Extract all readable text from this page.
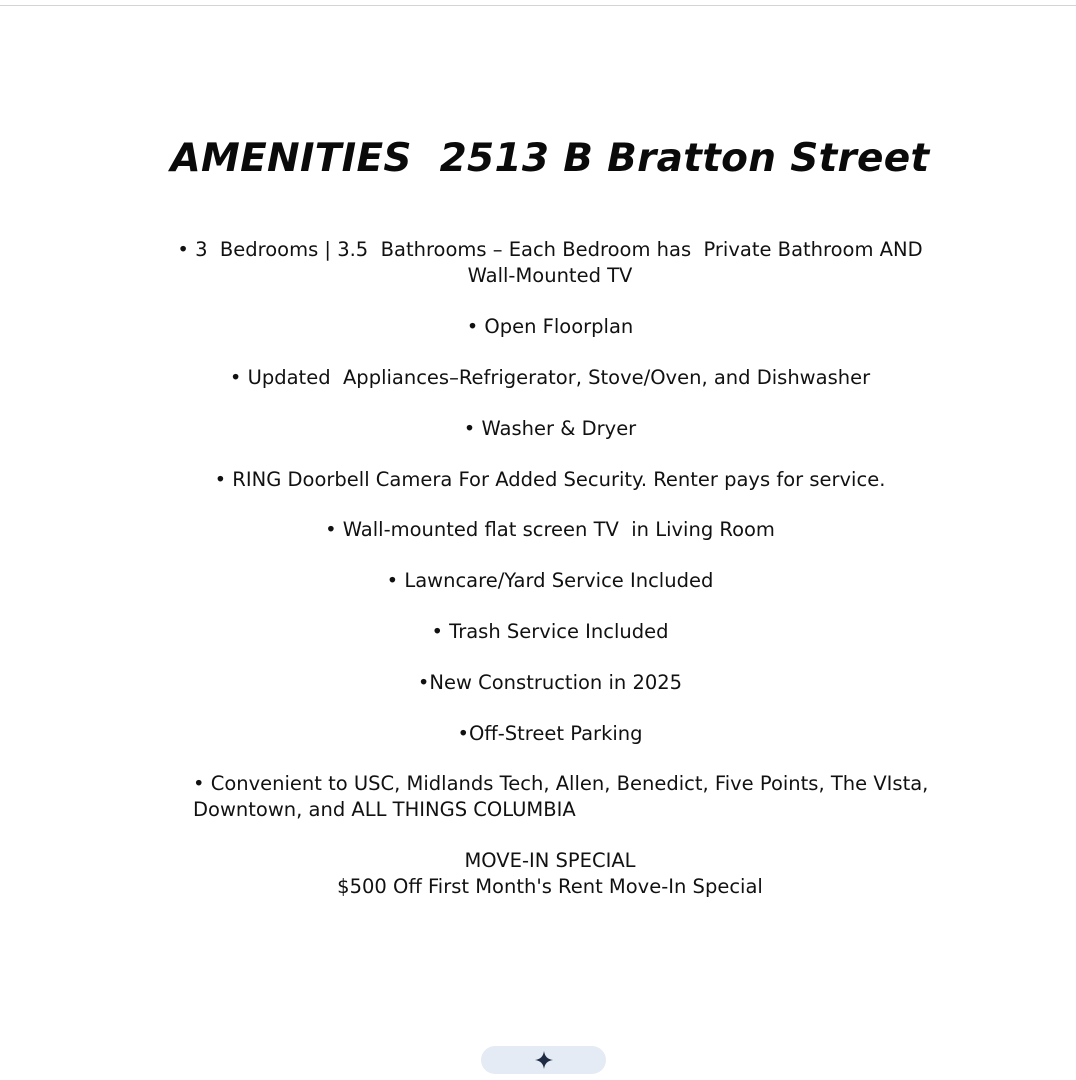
AMENITIES  2513 B Bratton Street
• 3  Bedrooms | 3.5  Bathrooms – Each Bedroom has  Private Bathroom AND
Wall-Mounted TV
• Open Floorplan
• Updated  Appliances–Refrigerator, Stove/Oven, and Dishwasher
• Washer & Dryer
• RING Doorbell Camera For Added Security. Renter pays for service.
• Wall-mounted flat screen TV  in Living Room
• Lawncare/Yard Service Included
• Trash Service Included
•New Construction in 2025
•Off-Street Parking
• Convenient to USC, Midlands Tech, Allen, Benedict, Five Points, The VIsta,
Downtown, and ALL THINGS COLUMBIA
MOVE-IN SPECIAL
$500 Off First Month's Rent Move-In Special
